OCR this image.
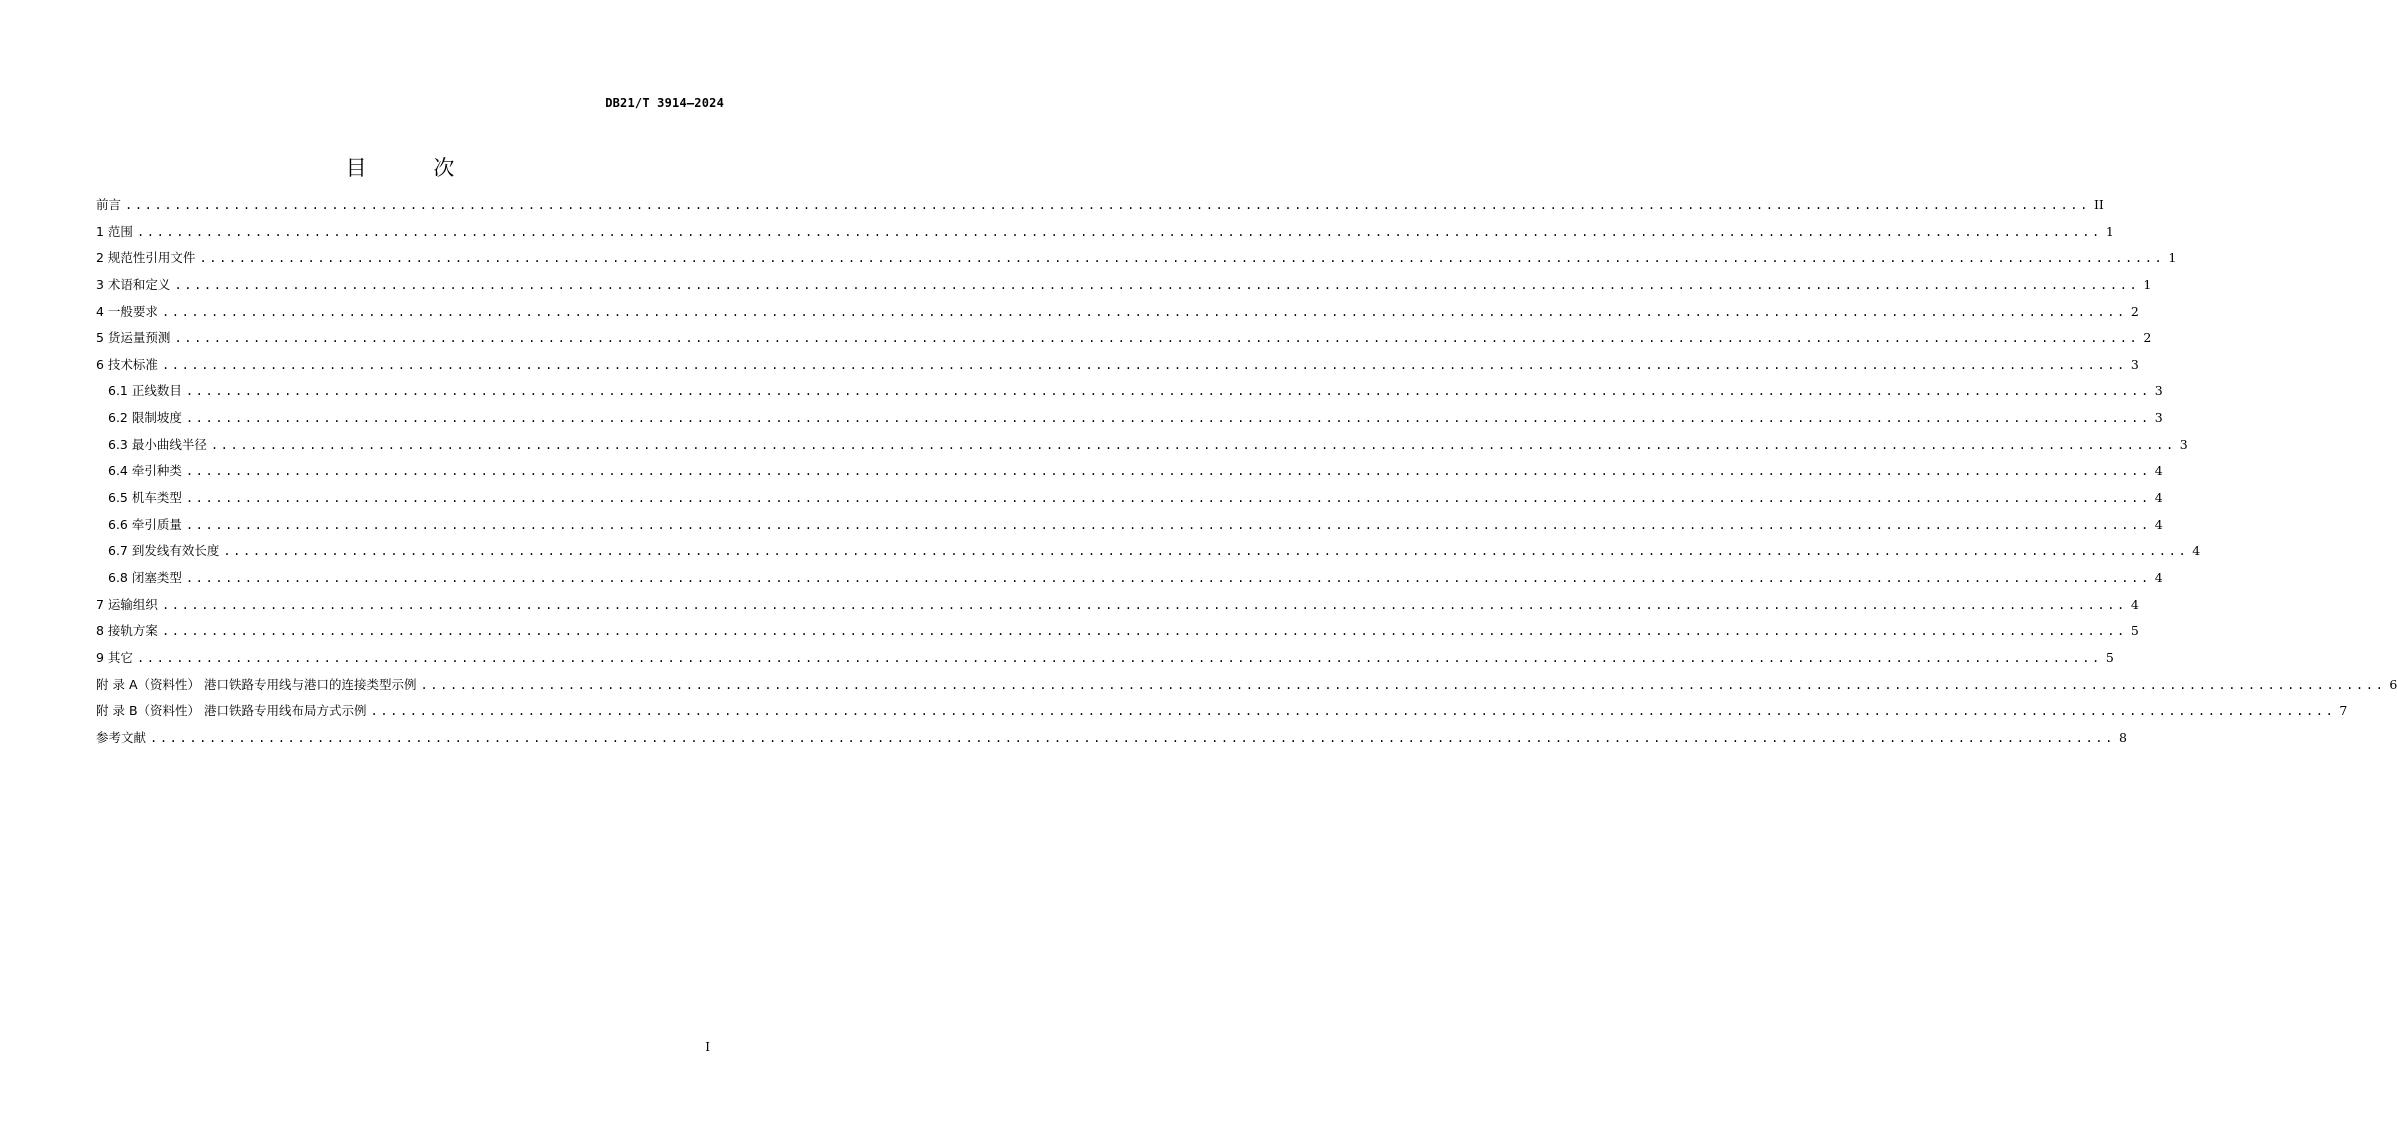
DB21/T 3914—2024
目 次
前言 ........................................................................................................................................................................................................ II
1 范围 ........................................................................................................................................................................................................ 1
2 规范性引用文件 ........................................................................................................................................................................................................ 1
3 术语和定义 ........................................................................................................................................................................................................ 1
4 一般要求 ........................................................................................................................................................................................................ 2
5 货运量预测 ........................................................................................................................................................................................................ 2
6 技术标准 ........................................................................................................................................................................................................ 3
6.1 正线数目 ........................................................................................................................................................................................................ 3
6.2 限制坡度 ........................................................................................................................................................................................................ 3
6.3 最小曲线半径 ........................................................................................................................................................................................................ 3
6.4 牵引种类 ........................................................................................................................................................................................................ 4
6.5 机车类型 ........................................................................................................................................................................................................ 4
6.6 牵引质量 ........................................................................................................................................................................................................ 4
6.7 到发线有效长度 ........................................................................................................................................................................................................ 4
6.8 闭塞类型 ........................................................................................................................................................................................................ 4
7 运输组织 ........................................................................................................................................................................................................ 4
8 接轨方案 ........................................................................................................................................................................................................ 5
9 其它 ........................................................................................................................................................................................................ 5
附 录 A（资料性） 港口铁路专用线与港口的连接类型示例 ........................................................................................................................................................................................................ 6
附 录 B（资料性） 港口铁路专用线布局方式示例 ........................................................................................................................................................................................................ 7
参考文献 ........................................................................................................................................................................................................ 8
I
